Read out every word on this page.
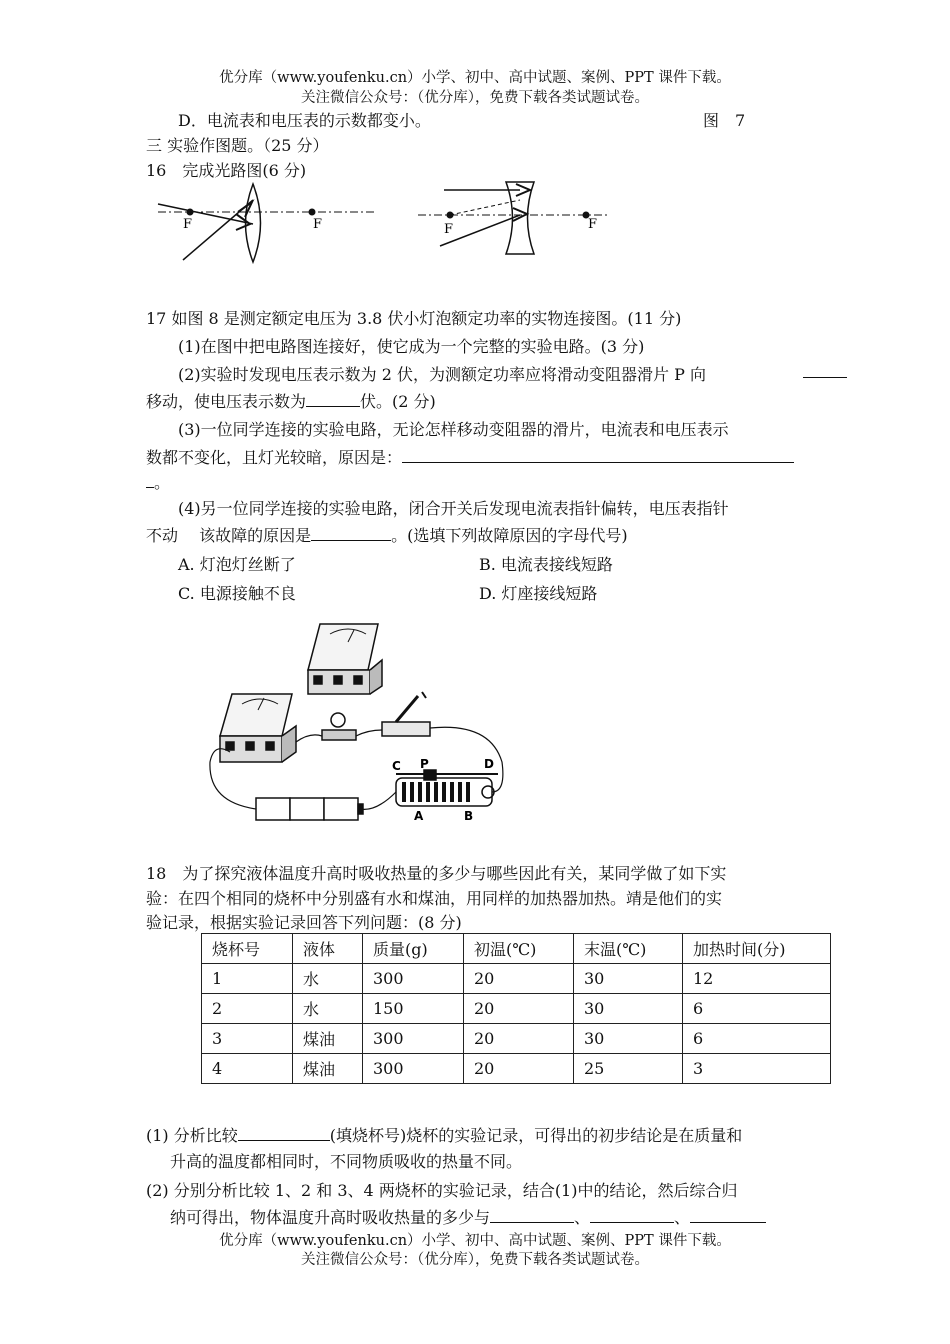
优分库（www.youfenku.cn）小学、初中、高中试题、案例、PPT 课件下载。
关注微信公众号：（优分库），免费下载各类试题试卷。
D．电流表和电压表的示数都变小。	图　7
三 实验作图题。（25 分）
16　完成光路图(6 分)
F	F	F	F
17 如图 8 是测定额定电压为 3.8 伏小灯泡额定功率的实物连接图。(11 分)
(1)在图中把电路图连接好，使它成为一个完整的实验电路。(3 分)
(2)实验时发现电压表示数为 2 伏，为测额定功率应将滑动变阻器滑片 P 向
移动，使电压表示数为	伏。(2 分)
(3)一位同学连接的实验电路，无论怎样移动变阻器的滑片，电流表和电压表示
数都不变化，且灯光较暗，原因是：
。
(4)另一位同学连接的实验电路，闭合开关后发现电流表指针偏转，电压表指针
不动　 该故障的原因是	。(选填下列故障原因的字母代号)
A. 灯泡灯丝断了	B. 电流表接线短路
C. 电源接触不良	D. 灯座接线短路
C P	D
A	B
18　为了探究液体温度升高时吸收热量的多少与哪些因此有关，某同学做了如下实
验：在四个相同的烧杯中分别盛有水和煤油，用同样的加热器加热。靖是他们的实
验记录，根据实验记录回答下列问题：(8 分)
烧杯号	液体	质量(g)	初温(℃)	末温(℃)	加热时间(分)
1	水	300	20	30	12
2	水	150	20	30	6
3	煤油	300	20	30	6
4	煤油	300	20	25	3
(1) 分析比较	(填烧杯号)烧杯的实验记录，可得出的初步结论是在质量和
升高的温度都相同时，不同物质吸收的热量不同。
(2) 分别分析比较 1、2 和 3、4 两烧杯的实验记录，结合(1)中的结论，然后综合归
纳可得出，物体温度升高时吸收热量的多少与	、	、
优分库（www.youfenku.cn）小学、初中、高中试题、案例、PPT 课件下载。
关注微信公众号：（优分库），免费下载各类试题试卷。
